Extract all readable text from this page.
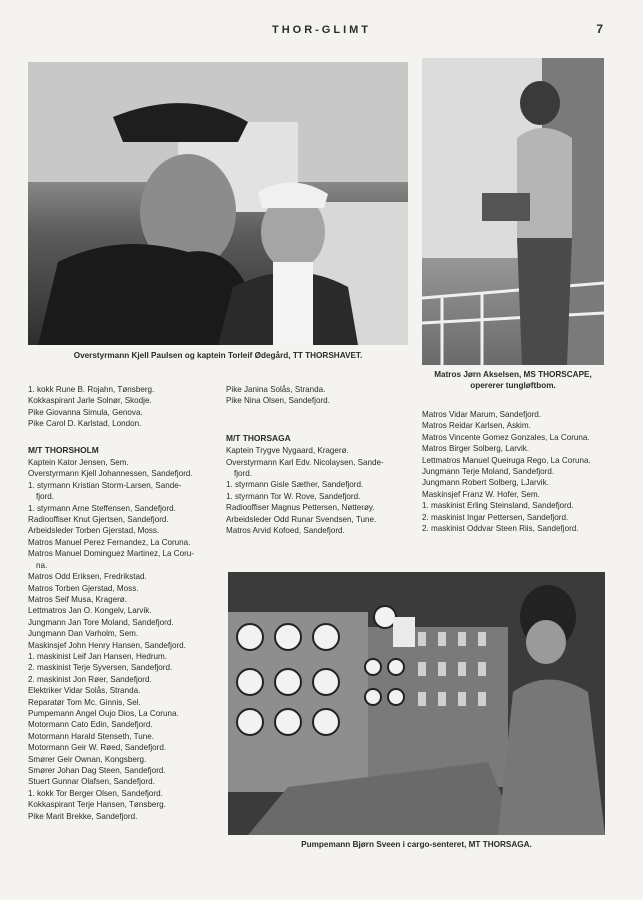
THOR-GLIMT	7
Overstyrmann Kjell Paulsen og kaptein Torleif Ødegård, TT THORSHAVET.
Matros Jørn Akselsen, MS THORSCAPE,
opererer tungløftbom.
Pumpemann Bjørn Sveen i cargo-senteret, MT THORSAGA.
1. kokk Rune B. Rojahn, Tønsberg.
Kokkaspirant Jarle Solnør, Skodje.
Pike Giovanna Simula, Genova.
Pike Carol D. Karlstad, London.
M/T THORSHOLM
Kaptein Kator Jensen, Sem.
Overstyrmann Kjell Johannessen, Sandefjord.
1. styrmann Kristian Storm-Larsen, Sande-
fjord.
1. styrmann Arne Steffensen, Sandefjord.
Radiooffiser Knut Gjertsen, Sandefjord.
Arbeidsleder Torben Gjerstad, Moss.
Matros Manuel Perez Fernandez, La Coruna.
Matros Manuel Dominguez Martinez, La Coru-
na.
Matros Odd Eriksen, Fredrikstad.
Matros Torben Gjerstad, Moss.
Matros Seif Musa, Kragerø.
Lettmatros Jan O. Kongelv, Larvik.
Jungmann Jan Tore Moland, Sandefjord.
Jungmann Dan Varholm, Sem.
Maskinsjef John Henry Hansen, Sandefjord.
1. maskinist Leif Jan Hansen, Hedrum.
2. maskinist Terje Syversen, Sandefjord.
2. maskinist Jon Røer, Sandefjord.
Elektriker Vidar Solås, Stranda.
Reparatør Tom Mc. Ginnis, Sel.
Pumpemann Angel Oujo Dios, La Coruna.
Motormann Cato Edin, Sandefjord.
Motormann Harald Stenseth, Tune.
Motormann Geir W. Røed, Sandefjord.
Smører Geir Ownan, Kongsberg.
Smører Johan Dag Steen, Sandefjord.
Stuert Gunnar Olafsen, Sandefjord.
1. kokk Tor Berger Olsen, Sandefjord.
Kokkaspirant Terje Hansen, Tønsberg.
Pike Marit Brekke, Sandefjord.
Pike Janina Solås, Stranda.
Pike Nina Olsen, Sandefjord.
M/T THORSAGA
Kaptein Trygve Nygaard, Kragerø.
Overstyrmann Karl Edv. Nicolaysen, Sande-
fjord.
1. styrmann Gisle Sæther, Sandefjord.
1. styrmann Tor W. Rove, Sandefjord.
Radiooffiser Magnus Pettersen, Nøtterøy.
Arbeidsleder Odd Runar Svendsen, Tune.
Matros Arvid Kofoed, Sandefjord.
Matros Vidar Marum, Sandefjord.
Matros Reidar Karlsen, Askim.
Matros Vincente Gomez Gonzales, La Coruna.
Matros Birger Solberg, Larvik.
Lettmatros Manuel Queiruga Rego, La Coruna.
Jungmann Terje Moland, Sandefjord.
Jungmann Robert Solberg, LJarvik.
Maskinsjef Franz W. Hofer, Sem.
1. maskinist Erling Steinsland, Sandefjord.
2. maskinist Ingar Pettersen, Sandefjord.
2. maskinist Oddvar Steen Riis, Sandefjord.
